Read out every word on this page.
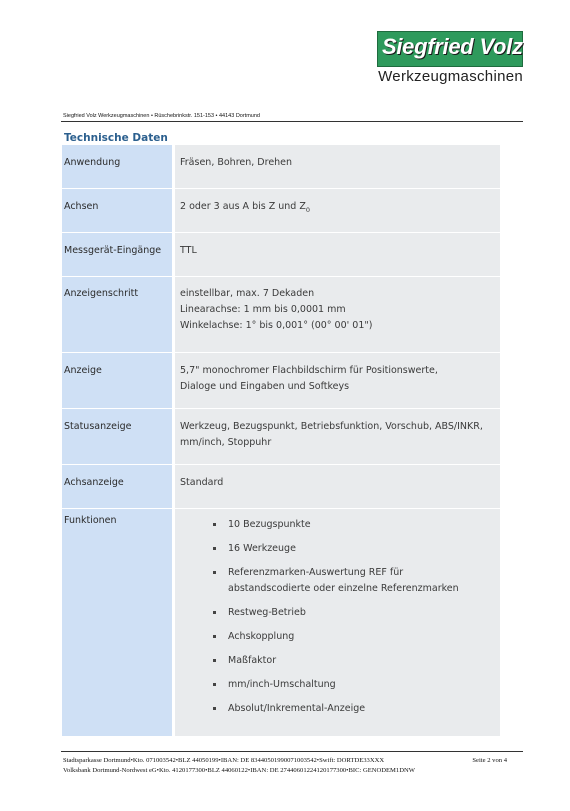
Siegfried Volz
Werkzeugmaschinen
Siegfried Volz Werkzeugmaschinen • Rüschebrinkstr. 151-153 • 44143 Dortmund
Technische Daten
Anwendung	Fräsen, Bohren, Drehen
Achsen	2 oder 3 aus A bis Z und $Z_0$
Messgerät-Eingänge	TTL
Anzeigenschritt	einstellbar, max. 7 Dekaden
Linearachse: 1 mm bis 0,0001 mm
Winkelachse: 1° bis 0,001° (00° 00' 01")
Anzeige	5,7" monochromer Flachbildschirm für Positionswerte,
Dialoge und Eingaben und Softkeys
Statusanzeige	Werkzeug, Bezugspunkt, Betriebsfunktion, Vorschub, ABS/INKR,
mm/inch, Stoppuhr
Achsanzeige	Standard
Funktionen	10 Bezugspunkte
16 Werkzeuge
Referenzmarken-Auswertung REF für
abstandscodierte oder einzelne Referenzmarken
Restweg-Betrieb
Achskopplung
Maßfaktor
mm/inch-Umschaltung
Absolut/Inkremental-Anzeige
Stadtsparkasse Dortmund•Kto. 071003542•BLZ 44050199•IBAN: DE 83440501990071003542•Swift: DORTDE33XXX
Volksbank Dortmund-Nordwest eG•Kto. 4120177300•BLZ 44060122•IBAN: DE 27440601224120177300•BIC: GENODEM1DNW
Seite 2 von 4
